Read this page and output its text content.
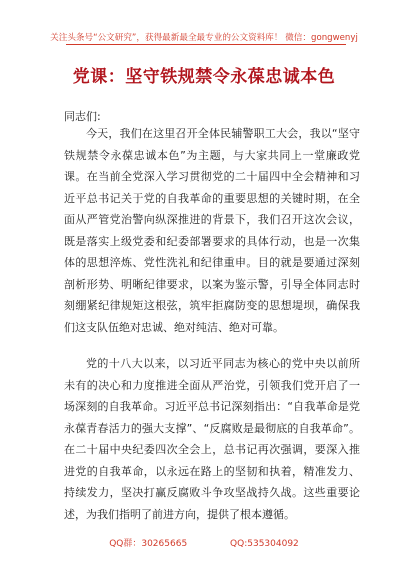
关注头条号“公文研究”，获得最新最全最专业的公文资料库！ 微信：gongwenyj
党课：坚守铁规禁令永葆忠诚本色
同志们:

今天，我们在这里召开全体民辅警职工大会，我以“坚守铁规禁令永葆忠诚本色”为主题，与大家共同上一堂廉政党课。在当前全党深入学习贯彻党的二十届四中全会精神和习近平总书记关于党的自我革命的重要思想的关键时期，在全面从严管党治警向纵深推进的背景下，我们召开这次会议，既是落实上级党委和纪委部署要求的具体行动，也是一次集体的思想淬炼、党性洗礼和纪律重申。目的就是要通过深刻剖析形势、明晰纪律要求，以案为鉴示警，引导全体同志时刻绷紧纪律规矩这根弦，筑牢拒腐防变的思想堤坝，确保我们这支队伍绝对忠诚、绝对纯洁、绝对可靠。

党的十八大以来，以习近平同志为核心的党中央以前所未有的决心和力度推进全面从严治党，引领我们党开启了一场深刻的自我革命。习近平总书记深刻指出：“自我革命是党永葆青春活力的强大支撑”、“反腐败是最彻底的自我革命”。在二十届中央纪委四次全会上，总书记再次强调，要深入推进党的自我革命，以永远在路上的坚韧和执着，精准发力、持续发力，坚决打赢反腐败斗争攻坚战持久战。这些重要论述，为我们指明了前进方向，提供了根本遵循。

QQ群：30265665	QQ:535304092
